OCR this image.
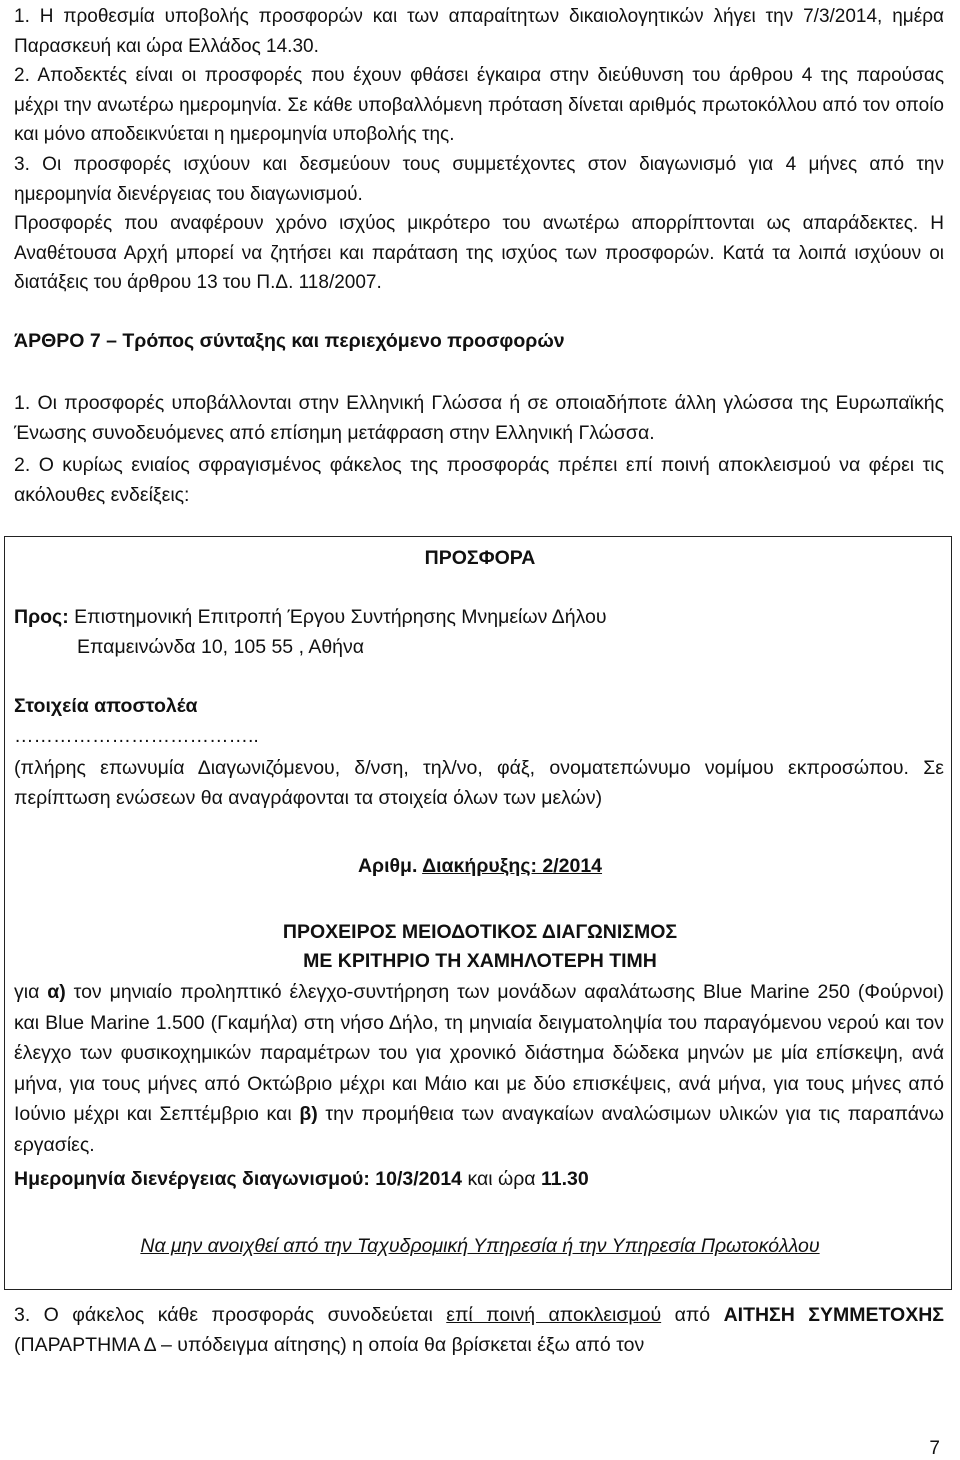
1. Η προθεσμία υποβολής προσφορών και των απαραίτητων δικαιολογητικών λήγει την 7/3/2014, ημέρα Παρασκευή και ώρα Ελλάδος 14.30.

2. Αποδεκτές είναι οι προσφορές που έχουν φθάσει έγκαιρα στην διεύθυνση του άρθρου 4 της παρούσας μέχρι την ανωτέρω ημερομηνία. Σε κάθε υποβαλλόμενη πρόταση δίνεται αριθμός πρωτοκόλλου από τον οποίο και μόνο αποδεικνύεται η ημερομηνία υποβολής της.

3. Οι προσφορές ισχύουν και δεσμεύουν τους συμμετέχοντες στον διαγωνισμό για 4 μήνες από την ημερομηνία διενέργειας του διαγωνισμού.

Προσφορές που αναφέρουν χρόνο ισχύος μικρότερο του ανωτέρω απορρίπτονται ως απαράδεκτες. Η Αναθέτουσα Αρχή μπορεί να ζητήσει και παράταση της ισχύος των προσφορών. Κατά τα λοιπά ισχύουν οι διατάξεις του άρθρου 13 του Π.Δ. 118/2007.

ΆΡΘΡΟ 7 – Τρόπος σύνταξης και περιεχόμενο προσφορών

1. Οι προσφορές υποβάλλονται στην Ελληνική Γλώσσα ή σε οποιαδήποτε άλλη γλώσσα της Ευρωπαϊκής Ένωσης συνοδευόμενες από επίσημη μετάφραση στην Ελληνική Γλώσσα.

2. Ο κυρίως ενιαίος σφραγισμένος φάκελος της προσφοράς πρέπει επί ποινή αποκλεισμού να φέρει τις ακόλουθες ενδείξεις:

ΠΡΟΣΦΟΡΑ

Προς: Επιστημονική Επιτροπή Έργου Συντήρησης Μνημείων Δήλου

Επαμεινώνδα 10, 105 55 , Αθήνα

Στοιχεία αποστολέα

………………………………..

(πλήρης επωνυμία Διαγωνιζόμενου, δ/νση, τηλ/νο, φάξ, ονοματεπώνυμο νομίμου εκπροσώπου. Σε περίπτωση ενώσεων θα αναγράφονται τα στοιχεία όλων των μελών)

Αριθμ. Διακήρυξης: 2/2014

ΠΡΟΧΕΙΡΟΣ ΜΕΙΟΔΟΤΙΚΟΣ ΔΙΑΓΩΝΙΣΜΟΣ

ΜΕ ΚΡΙΤΗΡΙΟ ΤΗ ΧΑΜΗΛΟΤΕΡΗ ΤΙΜΗ

για α) τον μηνιαίο προληπτικό έλεγχο-συντήρηση των μονάδων αφαλάτωσης Blue Marine 250 (Φούρνοι) και Blue Marine 1.500 (Γκαμήλα) στη νήσο Δήλο, τη μηνιαία δειγματοληψία του παραγόμενου νερού και τον έλεγχο των φυσικοχημικών παραμέτρων του για χρονικό διάστημα δώδεκα μηνών με μία επίσκεψη, ανά μήνα, για τους μήνες από Οκτώβριο μέχρι και Μάιο και με δύο επισκέψεις, ανά μήνα, για τους μήνες από Ιούνιο μέχρι και Σεπτέμβριο και β) την προμήθεια των αναγκαίων αναλώσιμων υλικών για τις παραπάνω εργασίες.

Ημερομηνία διενέργειας διαγωνισμού: 10/3/2014 και ώρα 11.30

Να μην ανοιχθεί από την Ταχυδρομική Υπηρεσία ή την Υπηρεσία Πρωτοκόλλου

3. Ο φάκελος κάθε προσφοράς συνοδεύεται επί ποινή αποκλεισμού από ΑΙΤΗΣΗ ΣΥΜΜΕΤΟΧΗΣ (ΠΑΡΑΡΤΗΜΑ Δ – υπόδειγμα αίτησης) η οποία θα βρίσκεται έξω από τον

7
